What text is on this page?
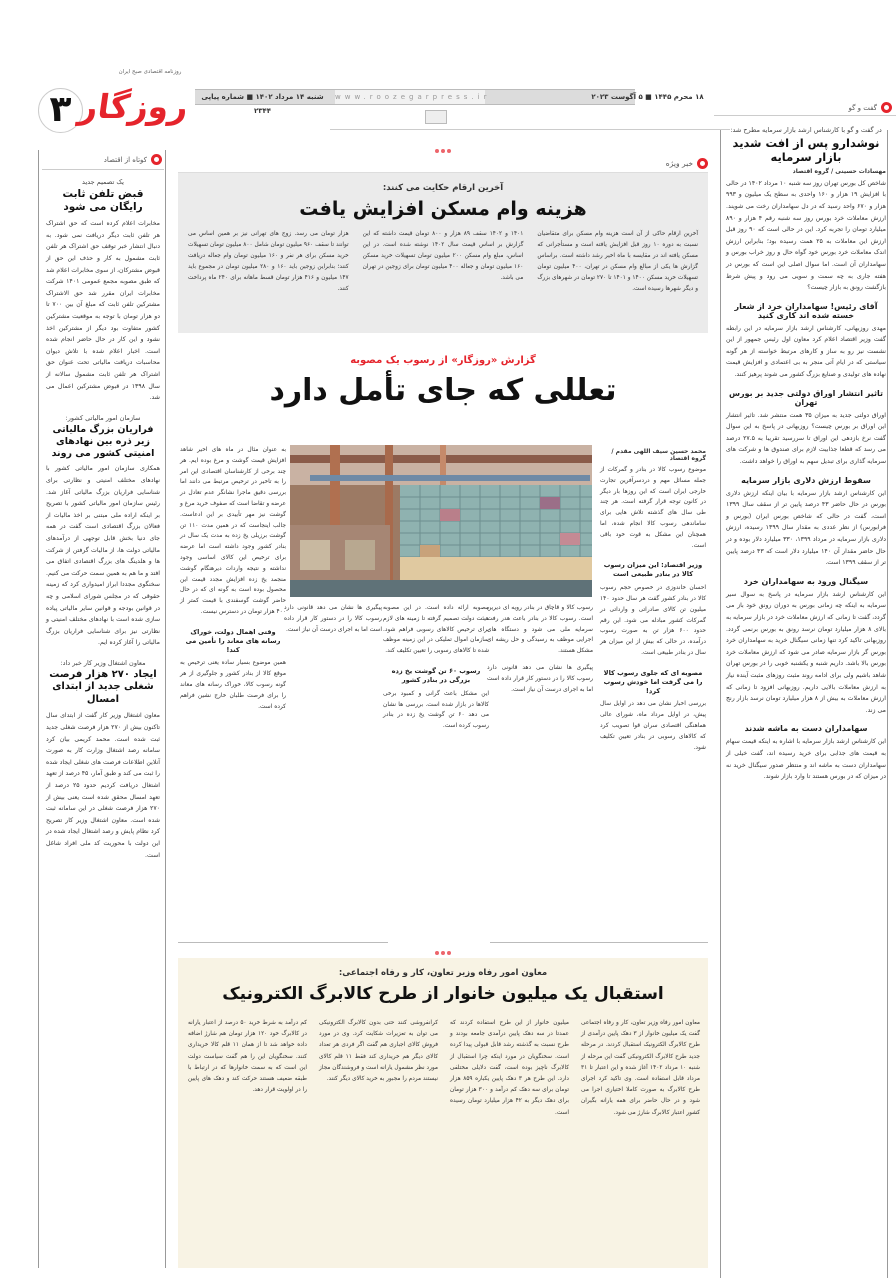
شنبه ۱۴ مرداد ۱۴۰۲ ■ شماره پیاپی ۲۳۴۴
www.roozegarpress.ir	۱۸ محرم ۱۴۴۵ ■ ۵ آگوست ۲۰۲۳
روزنامه اقتصادی صبح ایران
۳ روزگار	گفت و گو
در گفت و گو با کارشناس ارشد بازار سرمایه مطرح شد:
نوشدارو پس از افت شدید بازار سرمایه
مهسادات حسینی / گروه اقتصاد
شاخص کل بورس تهران روز سه شنبه ۱۰ مرداد ۱۴۰۲ در حالی با افزایش ۱۹ هزار و ۱۶۰ واحدی به سطح یک میلیون و ۹۹۳ هزار و ۶۷۰ واحد رسید که در دل سهامداران رخت می شویند. ارزش معاملات خرد بورس روز سه شنبه رقم ۴ هزار و ۸۹۰ میلیارد تومان را تجربه کرد. این در حالی است که ۹۰ روز قبل ارزش این معاملات به ۲۵ همت رسیده بود؛ بنابراین ارزش اندک معاملات خرد بورس خود گواه حال و روز خراب بورس و سهامداران آن است. اما سوال اصلی این است که بورس در هفته جاری به چه سمت و سویی می رود و پیش شرط بازگشت رونق به بازار چیست؟
آقای رئیس! سهامداران خرد از شعار خسته شده اند کاری کنید
مهدی روزبهانی، کارشناس ارشد بازار سرمایه در این رابطه گفت وزیر اقتصاد اعلام کرد معاون اول رئیس جمهور از این نشست نیز رو به ساز و کارهای مرتبط خواسته از هر گونه سیاستی که در ایام آتی منجر به بی اعتمادی و افزایش قیمت نهاده های تولیدی و صنایع بزرگ کشور می شوند پرهیز کنند.
تاثیر انتشار اوراق دولتی جدید بر بورس تهران
اوراق دولتی جدید به میزان ۳۵ همت منتشر شد. تاثیر انتشار این اوراق بر بورس چیست؟ روزبهانی در پاسخ به این سوال گفت نرخ بازدهی این اوراق تا سررسید تقریبا به ۲۷.۵ درصد می رسد که قطعا جذابیت لازم برای صندوق ها و شرکت های سرمایه گذاری برای تبدیل سهم به اوراق را خواهد داشت.
سقوط ارزش دلاری بازار سرمایه
این کارشناس ارشد بازار سرمایه با بیان اینکه ارزش دلاری بورس در حال حاضر ۴۳ درصد پایین تر از سقف سال ۱۳۹۹ است، گفت در حالی که شاخص بورس ایران (بورس و فرابورس) از نظر عددی به مقدار سال ۱۳۹۹ رسیده، ارزش دلاری بازار سرمایه در مرداد ۱۳۹۹، ۳۳۰ میلیارد دلار بوده و در حال حاضر مقدار آن ۱۴۰ میلیارد دلار است که ۴۳ درصد پایین تر از سقف ۱۳۹۹ است.
سیگنال ورود به سهامداران خرد
این کارشناس ارشد بازار سرمایه در پاسخ به سوال سیر سرمایه به اینکه چه زمانی بورس به دوران رونق خود باز می گردد، گفت تا زمانی که ارزش معاملات خرد در بازار سرمایه به بالای ۸ هزار میلیارد تومان نرسد رونق به بورس برنمی گردد. روزبهانی تاکید کرد تنها زمانی سیگنال خرید به سهامداران خرد بورس گر بازار سرمایه صادر می شود که ارزش معاملات خرد بورس بالا باشد. داریم شنبه و یکشنبه خوبی را در بورس تهران شاهد باشیم ولی برای ادامه روند مثبت روزهای مثبت آینده نیاز به ارزش معاملات بالایی داریم. روزبهانی افزود تا زمانی که ارزش معاملات به بیش از ۸ هزار میلیارد تومان نرسد بازار رنج می زند.
سهامداران دست به ماشه شدند
این کارشناس ارشد بازار سرمایه با اشاره به اینکه قیمت سهام به قیمت های جذابی برای خرید رسیده اند، گفت خیلی از سهامداران دست به ماشه اند و منتظر صدور سیگنال خرید نه در میزان که در بورس هستند تا وارد بازار شوند.
خبر ویژه
آخرین ارقام حکایت می کنند:
هزینه وام مسکن افزایش یافت
آخرین ارقام حاکی از آن است هزینه وام مسکن برای متقاضیان نسبت به دوره ۱۰ روز قبل افزایش یافته است و مستأجرانی که مسکن یافته اند در مقایسه با ماه اخیر رشد داشته است. براساس گزارش ها یکی از مبالغ وام مسکن در تهران، ۴۰۰ میلیون تومان تسهیلات خرید مسکن ۱۴۰۰ و ۱۴۰۱ تا ۲۷۰ تومان در شهرهای بزرگ و دیگر شهرها رسیده است.
۱۴۰۱ و ۱۴۰۲ سقف ۸۹ هزار و ۸۰۰ تومان قیمت داشته که این گزارش بر اساس قیمت سال ۱۴۰۲ نوشته شده است. در این اساس، مبلغ وام مسکن ۲۰۰ میلیون تومان تسهیلات خرید مسکن ۱۶۰ میلیون تومان و جعاله ۴۰۰ میلیون تومان برای زوجین در تهران می باشد.
هزار تومان می رسد. زوج های تهرانی نیز بر همین اساس می توانند تا سقف ۹۶۰ میلیون تومان شامل ۸۰۰ میلیون تومان تسهیلات خرید مسکن برای هر نفر و ۱۶۰ میلیون تومان وام جعاله دریافت کنند؛ بنابراین زوجین باید ۱۶۰ و ۲۸۰ میلیون تومان در مجموع باید ۱۴۷ میلیون و ۴۱۶ هزار تومان قسط ماهانه برای ۲۴۰ ماه پرداخت کنند.
گزارش «روزگار» از رسوب یک مصوبه
تعللی که جای تأمل دارد
محمد حسین سیف اللهی مقدم / گروه اقتصاد
موضوع رسوب کالا در بنادر و گمرکات از جمله مسائل مهم و دردسرآفرین تجارت خارجی ایران است که این روزها بار دیگر در کانون توجه قرار گرفته است. هر چند طی سال های گذشته تلاش هایی برای ساماندهی رسوب کالا انجام شده، اما همچنان این مشکل به قوت خود باقی است.
وزیر اقتصاد: این میزان رسوب کالا در بنادر طبیعی است
احسان خاندوزی در خصوص حجم رسوب کالا در بنادر کشور گفت هر سال حدود ۱۴۰ میلیون تن کالای صادراتی و وارداتی در گمرکات کشور مبادله می شود. این رقم حدود ۶۰۰ هزار تن به صورت رسوب درآمده، در حالی که بیش از این میزان هر سال در بنادر طبیعی است.
مصوبه ای که جلوی رسوب کالا را می گرفت اما خودش رسوب کرد!
بررسی اخبار نشان می دهد در اوایل سال پیش، در اوایل مرداد ماه، شورای عالی هماهنگی اقتصادی سران قوا تصویب کرد که کالاهای رسوبی در بنادر تعیین تکلیف شود.
رسوب کالا و قاچاق در بنادر رویه ای دیرین است. رسوب کالا در بنادر باعث هدر رفت سرمایه ملی می شود و دستگاه های اجرایی موظف به رسیدگی و حل ریشه ای مشکل هستند.
پیگیری ها نشان می دهد قانونی دارد رسوب کالا را در دستور کار قرار داده است اما به اجرای درست آن نیاز است.
مصوبه ارائه داده است. در این مصوبه هیئت دولت تصمیم گرفته تا زمینه های لازم برای ترخیص کالاهای رسوبی فراهم شود. سازمان اموال تملیکی در این زمینه موظف شده تا کالاهای رسوبی را تعیین تکلیف کند.
رسوب ۶۰ تن گوشت یخ زده بزرگی در بنادر کشور
این مشکل باعث گرانی و کمبود برخی کالاها در بازار شده است. بررسی ها نشان می دهد ۶۰ تن گوشت یخ زده در بنادر رسوب کرده است.
به عنوان مثال در ماه های اخیر شاهد افزایش قیمت گوشت و مرغ بوده ایم. هر چند برخی از کارشناسان اقتصادی این امر را به تاخیر در ترخیص مرتبط می دانند اما بررسی دقیق ماجرا نشانگر عدم تعادل در عرضه و تقاضا است که صفوف خرید مرغ و گوشت نیز مهر تأییدی بر این ادعاست. جالب اینجاست که در همین مدت ۱۱۰ تن گوشت برزیلی یخ زده به مدت یک سال در بنادر کشور وجود داشته است اما عرضه برای ترخیص این کالای اساسی وجود نداشته و نتیجه واردات دیرهنگام گوشت منجمد یخ زده افزایش مجدد قیمت این محصول بوده است به گونه ای که در حال حاضر گوشت گوسفندی با قیمت کمتر از ۴۰۰ هزار تومان در دسترس نیست.
وقتی اهمال دولت، خوراک رسانه های معاند را تأمین می کند!
همین موضوع بسیار ساده یعنی ترخیص به موقع کالا از بنادر کشور و جلوگیری از هر گونه رسوب کالا، خوراک رسانه های معاند را برای فرصت طلبان خارج نشین فراهم کرده است.
پیگیری ها نشان می دهد قانونی دارد رسوب کالا را در دستور کار قرار داده است اما به اجرای درست آن نیاز است.
معاون امور رفاه وزیر تعاون، کار و رفاه اجتماعی:
استقبال یک میلیون خانوار از طرح کالابرگ الکترونیک
معاون امور رفاه وزیر تعاون، کار و رفاه اجتماعی گفت یک میلیون خانوار از ۳ دهک پایین درآمدی از طرح کالابرگ الکترونیک استقبال کردند. در مرحله جدید طرح کالابرگ الکترونیکی گفت این مرحله از شنبه ۱۰ مرداد ۱۴۰۲ آغاز شده و این اعتبار تا ۳۱ مرداد قابل استفاده است. وی تاکید کرد اجرای طرح کالابرگ به صورت کاملا اختیاری اجرا می شود و در حال حاضر برای همه یارانه بگیران کشور اعتبار کالابرگ شارژ می شود.
میلیون خانوار از این طرح استفاده کردند که عمدتا در سه دهک پایین درآمدی جامعه بودند و طرح نسبت به گذشته رشد قابل قبولی پیدا کرده است. سخنگویان در مورد اینکه چرا استقبال از کالابرگ ناچیز بوده است، گفت دلایلی مختلفی دارد. این طرح هر ۳ دهک پایین یکباره ۸۵۹ هزار تومان برای سه دهک کم درآمد و ۳۰۰ هزار تومان برای دهک دیگر به ۴۲ هزار میلیارد تومان رسیده است.
کرانفروشی کنند حتی بدون کالابرگ الکترونیکی می توان به تعزیرات شکایت کرد. وی در مورد فروش کالای اجباری هم گفت اگر فردی هر تعداد کالای دیگر هم خریداری کند فقط ۱۱ قلم کالای مورد نظر مشمول یارانه است و فروشندگان مجاز نیستند مردم را مجبور به خرید کالای دیگر کنند.
کم درآمد به شرط خرید ۵۰ درصد از اعتبار یارانه در کالابرگ خود ۱۲۰ هزار تومان هم شارژ اضافه داده خواهد شد تا از همان ۱۱ قلم کالا خریداری کنند. سخنگویان این را هم گفت سیاست دولت این است که به سمت خانوارها که در ارتباط با طبقه ضعیف هستند حرکت کند و دهک های پایین را در اولویت قرار دهد.
کوتاه از اقتصاد
یک تصمیم جدید
قبض تلفن ثابت رایگان می شود
مخابرات اعلام کرده است که حق اشتراک هر تلفن ثابت دیگر دریافت نمی شود. به دنبال انتشار خبر توقف حق اشتراک هر تلفن ثابت مشمول به کار و حذف این حق از قبوض مشترکان، از سوی مخابرات اعلام شد که طبق مصوبه مجمع عمومی ۱۴۰۱ شرکت مخابرات ایران مقرر شد حق الاشتراک مشترکین تلفن ثابت که مبلغ آن بین ۷۰۰ تا دو هزار تومان با توجه به موقعیت مشترکین کشور متفاوت بود دیگر از مشترکین اخذ نشود و این کار در حال حاضر انجام شده است. اخبار اعلام شده با تلاش دیوان محاسبات دریافت مالیاتی تحت عنوان حق اشتراک هر تلفن ثابت مشمول سالانه از سال ۱۳۹۸ در قبوض مشترکین اعمال می شد.
سازمان امور مالیاتی کشور:
فراریان بزرگ مالیاتی زیر ذره بین نهادهای امنیتی کشور می روند
همکاری سازمان امور مالیاتی کشور با نهادهای مختلف امنیتی و نظارتی برای شناسایی فراریان بزرگ مالیاتی آغاز شد. رئیس سازمان امور مالیاتی کشور با تصریح بر اینکه اراده ملی مبتنی بر اخذ مالیات از فعالان بزرگ اقتصادی است گفت در همه جای دنیا بخش قابل توجهی از درآمدهای مالیاتی دولت ها، از مالیات گرفتن از شرکت ها و هلدینگ های بزرگ اقتصادی اتفاق می افتد و ما هم به همین سمت حرکت می کنیم. سخنگوی مجددا ابراز امیدواری کرد که زمینه حقوقی که در مجلس شورای اسلامی و چه در قوانین بودجه و قوانین سایر مالیاتی پیاده سازی شده است با نهادهای مختلف امنیتی و نظارتی نیز برای شناسایی فراریان بزرگ مالیاتی را آغاز کرده ایم.
معاون اشتغال وزیر کار خبر داد:
ایجاد ۲۷۰ هزار فرصت شغلی جدید از ابتدای امسال
معاون اشتغال وزیر کار گفت از ابتدای سال تاکنون بیش از ۲۷۰ هزار فرصت شغلی جدید ثبت شده است. محمد کریمی بیان کرد سامانه رصد اشتغال وزارت کار به صورت آنلاین اطلاعات فرصت های شغلی ایجاد شده را ثبت می کند و طبق آمار، ۴۵ درصد از تعهد اشتغال دریافت کردیم حدود ۲۵ درصد از تعهد امسال محقق شده است یعنی بیش از ۲۷۰ هزار فرصت شغلی در این سامانه ثبت شده است. معاون اشتغال وزیر کار تصریح کرد نظام پایش و رصد اشتغال ایجاد شده در این دولت با محوریت کد ملی افراد شاغل است.
